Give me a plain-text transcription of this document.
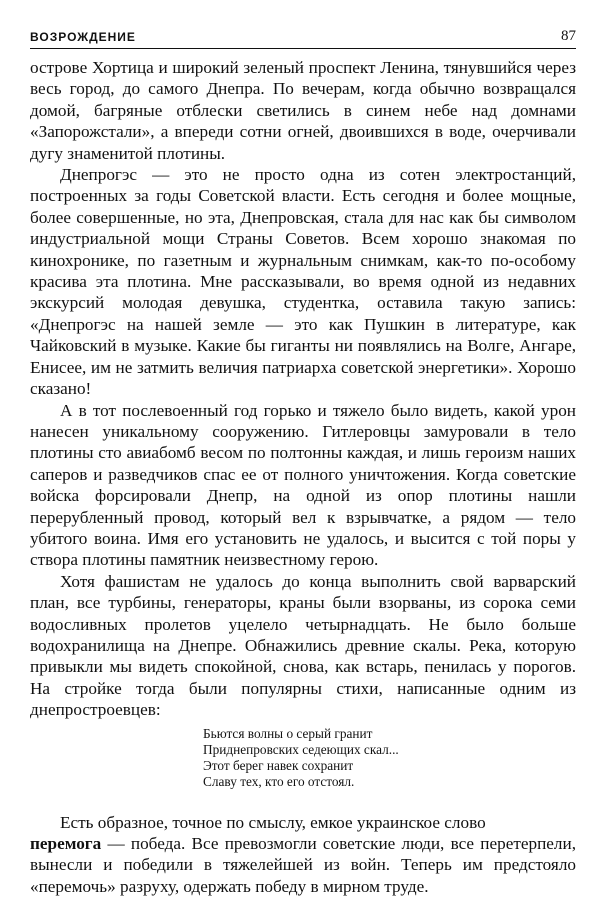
ВОЗРОЖДЕНИЕ	87

островe Хортица и широкий зеленый проспект Ленина, тянувшийся через весь город, до самого Днепра. По вечерам, когда обычно возвращался домой, багряные отблески светились в синем небе над домнами «Запорожстали», а впереди сотни огней, двоившихся в воде, очерчивали дугу знаменитой плотины.

Днепрогэс — это не просто одна из сотен электростанций, построенных за годы Советской власти. Есть сегодня и более мощные, более совершенные, но эта, Днепровская, стала для нас как бы символом индустриальной мощи Страны Советов. Всем хорошо знакомая по кинохронике, по газетным и журнальным снимкам, как-то по-особому красива эта плотина. Мне рассказывали, во время одной из недавних экскурсий молодая девушка, студентка, оставила такую запись: «Днепрогэс на нашей земле — это как Пушкин в литературе, как Чайковский в музыке. Какие бы гиганты ни появлялись на Волге, Ангаре, Енисее, им не затмить величия патриарха советской энергетики». Хорошо сказано!

А в тот послевоенный год горько и тяжело было видеть, какой урон нанесен уникальному сооружению. Гитлеровцы замуровали в тело плотины сто авиабомб весом по полтонны каждая, и лишь героизм наших саперов и разведчиков спас ее от полного уничтожения. Когда советские войска форсировали Днепр, на одной из опор плотины нашли перерубленный провод, который вел к взрывчатке, а рядом — тело убитого воина. Имя его установить не удалось, и высится с той поры у створа плотины памятник неизвестному герою.

Хотя фашистам не удалось до конца выполнить свой варварский план, все турбины, генераторы, краны были взорваны, из сорока семи водосливных пролетов уцелело четырнадцать. Не было больше водохранилища на Днепре. Обнажились древние скалы. Река, которую привыкли мы видеть спокойной, снова, как встарь, пенилась у порогов. На стройке тогда были популярны стихи, написанные одним из днепростроевцев:

Бьются волны о серый гранит
Приднепровских седеющих скал...
Этот берег навек сохранит
Славу тех, кто его отстоял.

Есть образное, точное по смыслу, емкое украинское слово
перемога — победа. Все превозмогли советские люди, все перетерпели, вынесли и победили в тяжелейшей из войн. Теперь им предстояло «перемочь» разруху, одержать победу в мирном труде.
